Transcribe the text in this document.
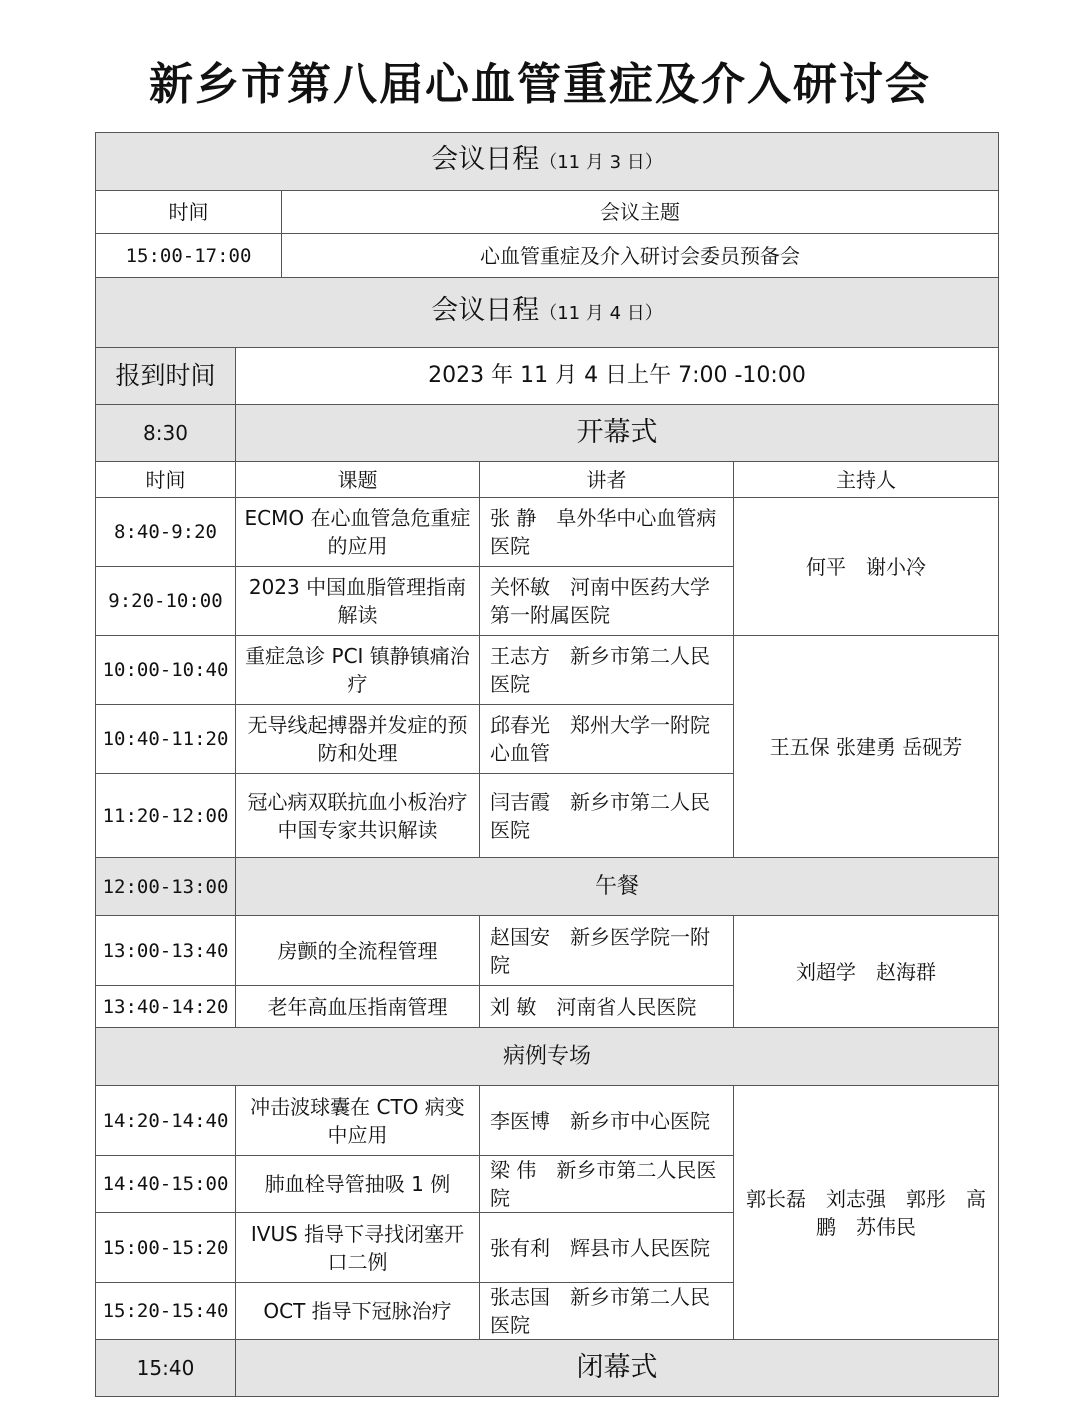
新乡市第八届心血管重症及介入研讨会
会议日程（11 月 3 日）				
时间		会议主题		
15:00-17:00		心血管重症及介入研讨会委员预备会		
会议日程（11 月 4 日）				
报到时间	2023 年 11 月 4 日上午 7:00 -10:00			
8:30	开幕式			
时间	课题		讲者	主持人
8:40-9:20	ECMO 在心血管急危重症的应用		张 静　阜外华中心血管病医院	何平　谢小冷
9:20-10:00	2023 中国血脂管理指南解读		关怀敏　河南中医药大学第一附属医院	
10:00-10:40	重症急诊 PCI 镇静镇痛治疗		王志方　新乡市第二人民医院	王五保 张建勇 岳砚芳
10:40-11:20	无导线起搏器并发症的预防和处理		邱春光　郑州大学一附院心血管	
11:20-12:00	冠心病双联抗血小板治疗中国专家共识解读		闫吉霞　新乡市第二人民医院	
12:00-13:00	午餐			
13:00-13:40	房颤的全流程管理		赵国安　新乡医学院一附院	刘超学　赵海群
13:40-14:20	老年高血压指南管理		刘 敏　河南省人民医院	
病例专场				
14:20-14:40	冲击波球囊在 CTO 病变中应用		李医博　新乡市中心医院	郭长磊　刘志强　郭彤　高鹏　苏伟民
14:40-15:00	肺血栓导管抽吸 1 例		梁 伟　新乡市第二人民医院	
15:00-15:20	IVUS 指导下寻找闭塞开口二例		张有利　辉县市人民医院	
15:20-15:40	OCT 指导下冠脉治疗		张志国　新乡市第二人民医院	
15:40	闭幕式			
